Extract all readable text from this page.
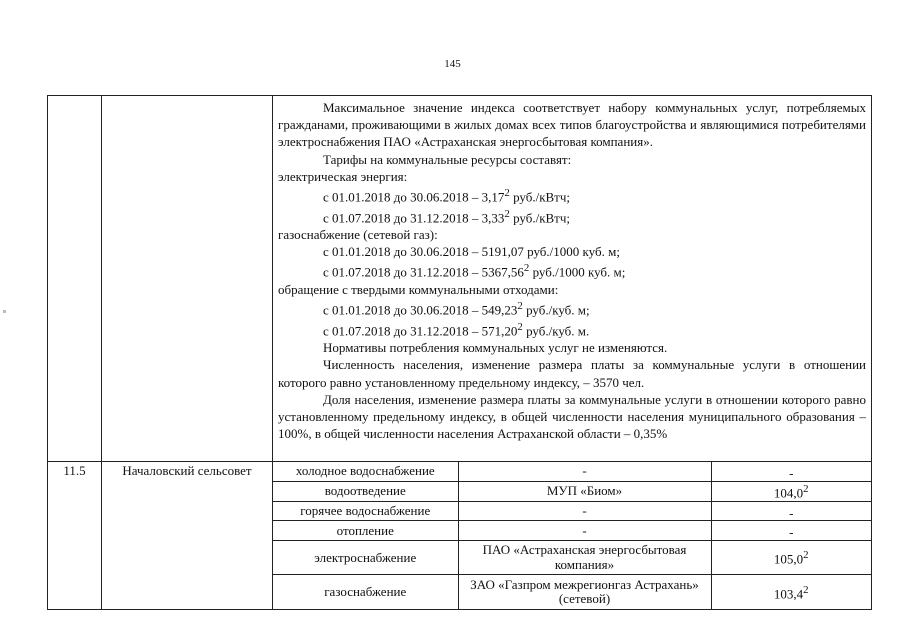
145

Максимальное значение индекса соответствует набору коммунальных услуг, потребляемых гражданами, проживающими в жилых домах всех типов благоустройства и являющимися потребителями электроснабжения ПАО «Астраханская энергосбытовая компания».

Тарифы на коммунальные ресурсы составят:

электрическая энергия:

с 01.01.2018 до 30.06.2018 – 3,17$^2$ руб./кВтч;

с 01.07.2018 до 31.12.2018 – 3,33$^2$ руб./кВтч;

газоснабжение (сетевой газ):

с 01.01.2018 до 30.06.2018 – 5191,07 руб./1000 куб. м;

с 01.07.2018 до 31.12.2018 – 5367,56$^2$ руб./1000 куб. м;

обращение с твердыми коммунальными отходами:

с 01.01.2018 до 30.06.2018 – 549,23$^2$ руб./куб. м;

с 01.07.2018 до 31.12.2018 – 571,20$^2$ руб./куб. м.

Нормативы потребления коммунальных услуг не изменяются.

Численность населения, изменение размера платы за коммунальные услуги в отношении которого равно установленному предельному индексу, – 3570 чел.

Доля населения, изменение размера платы за коммунальные услуги в отношении которого равно установленному предельному индексу, в общей численности населения муниципального образования – 100%, в общей численности населения Астраханской области – 0,35%

11.5	Началовский сельсовет		холодное водоснабжение	-	-
водоотведение	МУП «Биом»	104,0$^2$
горячее водоснабжение	-	-
отопление	-	-
электроснабжение	ПАО «Астраханская энергосбытовая компания»	105,0$^2$
газоснабжение	ЗАО «Газпром межрегионгаз Астрахань» (сетевой)	103,4$^2$
